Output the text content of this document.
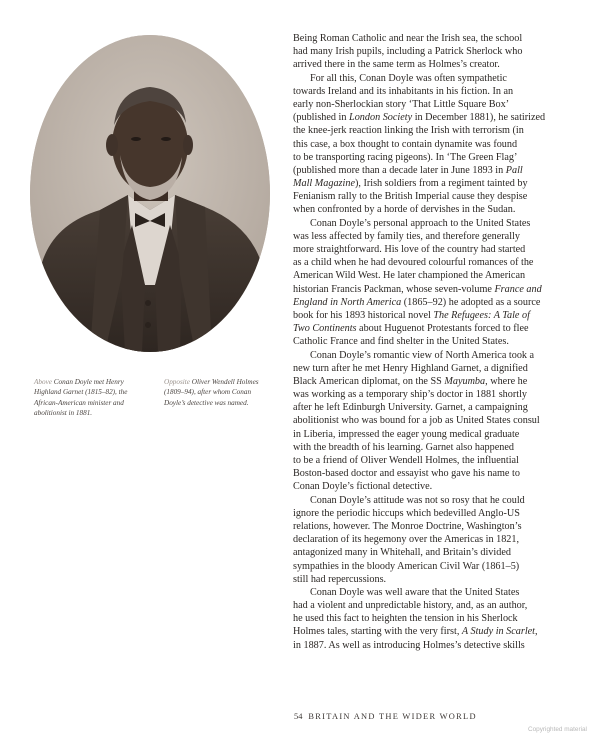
Above Conan Doyle met Henry
Highland Garnet (1815–82), the
African-American minister and
abolitionist in 1881.
Opposite Oliver Wendell Holmes
(1809–94), after whom Conan
Doyle’s detective was named.
Being Roman Catholic and near the Irish sea, the school
had many Irish pupils, including a Patrick Sherlock who
arrived there in the same term as Holmes’s creator.
For all this, Conan Doyle was often sympathetic
towards Ireland and its inhabitants in his fiction. In an
early non-Sherlockian story ‘That Little Square Box’
(published in London Society in December 1881), he satirized
the knee-jerk reaction linking the Irish with terrorism (in
this case, a box thought to contain dynamite was found
to be transporting racing pigeons). In ‘The Green Flag’
(published more than a decade later in June 1893 in Pall
Mall Magazine), Irish soldiers from a regiment tainted by
Fenianism rally to the British Imperial cause they despise
when confronted by a horde of dervishes in the Sudan.
Conan Doyle’s personal approach to the United States
was less affected by family ties, and therefore generally
more straightforward. His love of the country had started
as a child when he had devoured colourful romances of the
American Wild West. He later championed the American
historian Francis Packman, whose seven-volume France and
England in North America (1865–92) he adopted as a source
book for his 1893 historical novel The Refugees: A Tale of
Two Continents about Huguenot Protestants forced to flee
Catholic France and find shelter in the United States.
Conan Doyle’s romantic view of North America took a
new turn after he met Henry Highland Garnet, a dignified
Black American diplomat, on the SS Mayumba, where he
was working as a temporary ship’s doctor in 1881 shortly
after he left Edinburgh University. Garnet, a campaigning
abolitionist who was bound for a job as United States consul
in Liberia, impressed the eager young medical graduate
with the breadth of his learning. Garnet also happened
to be a friend of Oliver Wendell Holmes, the influential
Boston-based doctor and essayist who gave his name to
Conan Doyle’s fictional detective.
Conan Doyle’s attitude was not so rosy that he could
ignore the periodic hiccups which bedevilled Anglo-US
relations, however. The Monroe Doctrine, Washington’s
declaration of its hegemony over the Americas in 1821,
antagonized many in Whitehall, and Britain’s divided
sympathies in the bloody American Civil War (1861–5)
still had repercussions.
Conan Doyle was well aware that the United States
had a violent and unpredictable history, and, as an author,
he used this fact to heighten the tension in his Sherlock
Holmes tales, starting with the very first, A Study in Scarlet,
in 1887. As well as introducing Holmes’s detective skills
54 BRITAIN AND THE WIDER WORLD
Copyrighted material
